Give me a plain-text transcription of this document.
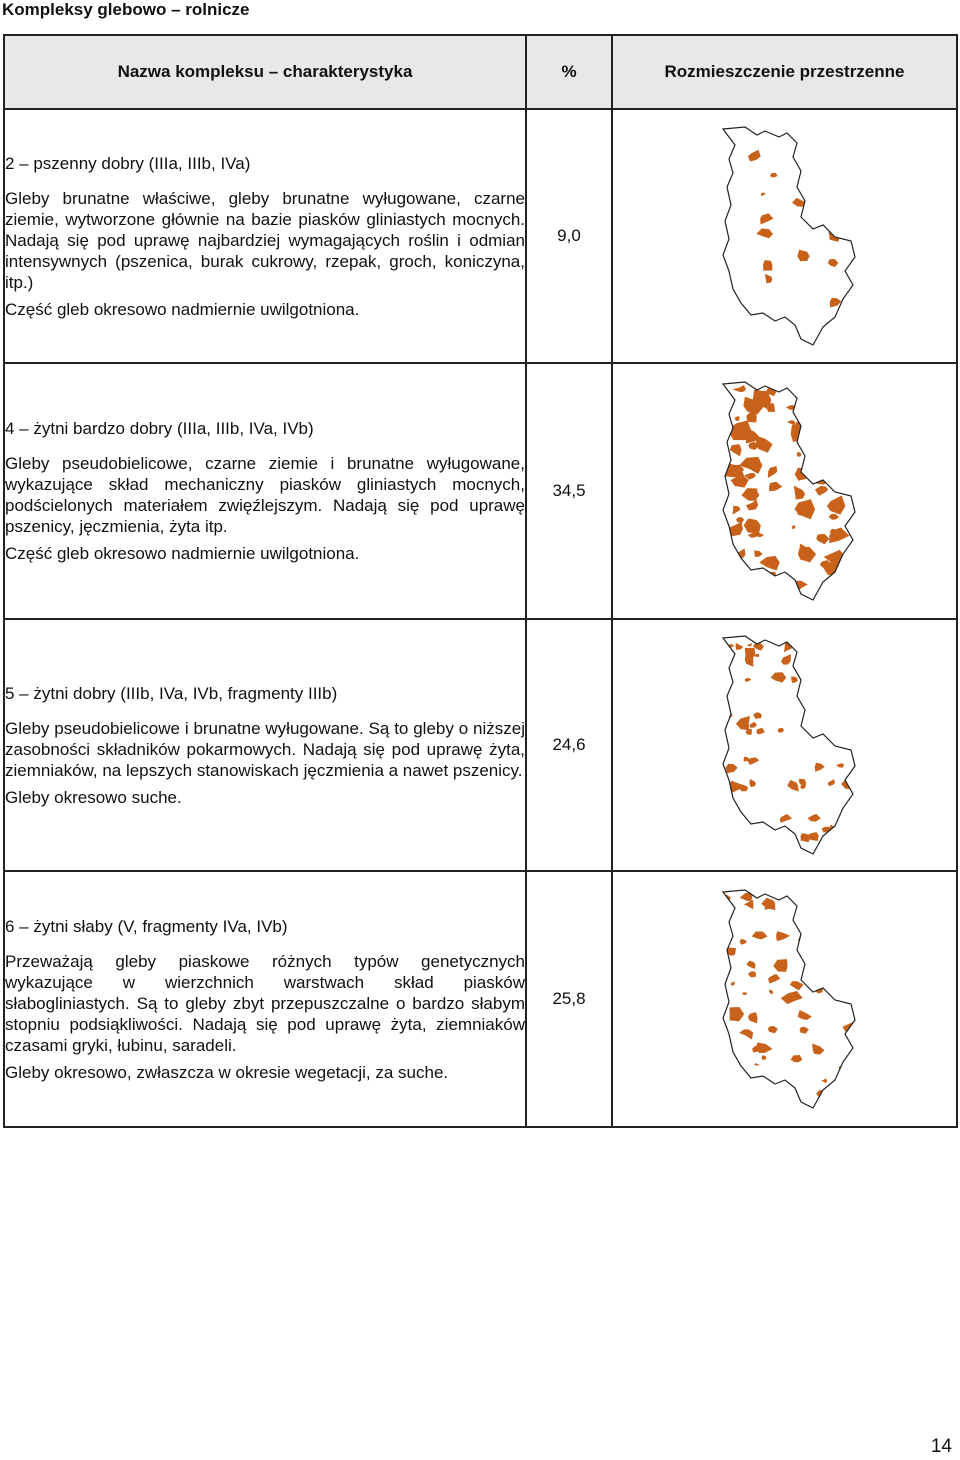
Kompleksy glebowo – rolnicze
Nazwa kompleksu – charakterystyka	%	Rozmieszczenie przestrzenne

2 – pszenny dobry (IIIa, IIIb, IVa)

Gleby brunatne właściwe, gleby brunatne wyługowane, czarne ziemie, wytworzone głównie na bazie piasków gliniastych mocnych. Nadają się pod uprawę najbardziej wymagających roślin i odmian intensywnych (pszenica, burak cukrowy, rzepak, groch, koniczyna, itp.)

Część gleb okresowo nadmiernie uwilgotniona.	9,0	

4 – żytni bardzo dobry (IIIa, IIIb, IVa, IVb)

Gleby pseudobielicowe, czarne ziemie i brunatne wyługowane, wykazujące skład mechaniczny piasków gliniastych mocnych, podścielonych materiałem zwięźlejszym. Nadają się pod uprawę pszenicy, jęczmienia, żyta itp.

Część gleb okresowo nadmiernie uwilgotniona.	34,5	

5 – żytni dobry (IIIb, IVa, IVb, fragmenty IIIb)

Gleby pseudobielicowe i brunatne wyługowane. Są to gleby o niższej zasobności składników pokarmowych. Nadają się pod uprawę żyta, ziemniaków, na lepszych stanowiskach jęczmienia a nawet pszenicy.

Gleby okresowo suche.	24,6	

6 – żytni słaby (V, fragmenty IVa, IVb)

Przeważają gleby piaskowe różnych typów genetycznych wykazujące w wierzchnich warstwach skład piasków słabogliniastych. Są to gleby zbyt przepuszczalne o bardzo słabym stopniu podsiąkliwości. Nadają się pod uprawę żyta, ziemniaków czasami gryki, łubinu, saradeli.

Gleby okresowo, zwłaszcza w okresie wegetacji, za suche.	25,8	
14
